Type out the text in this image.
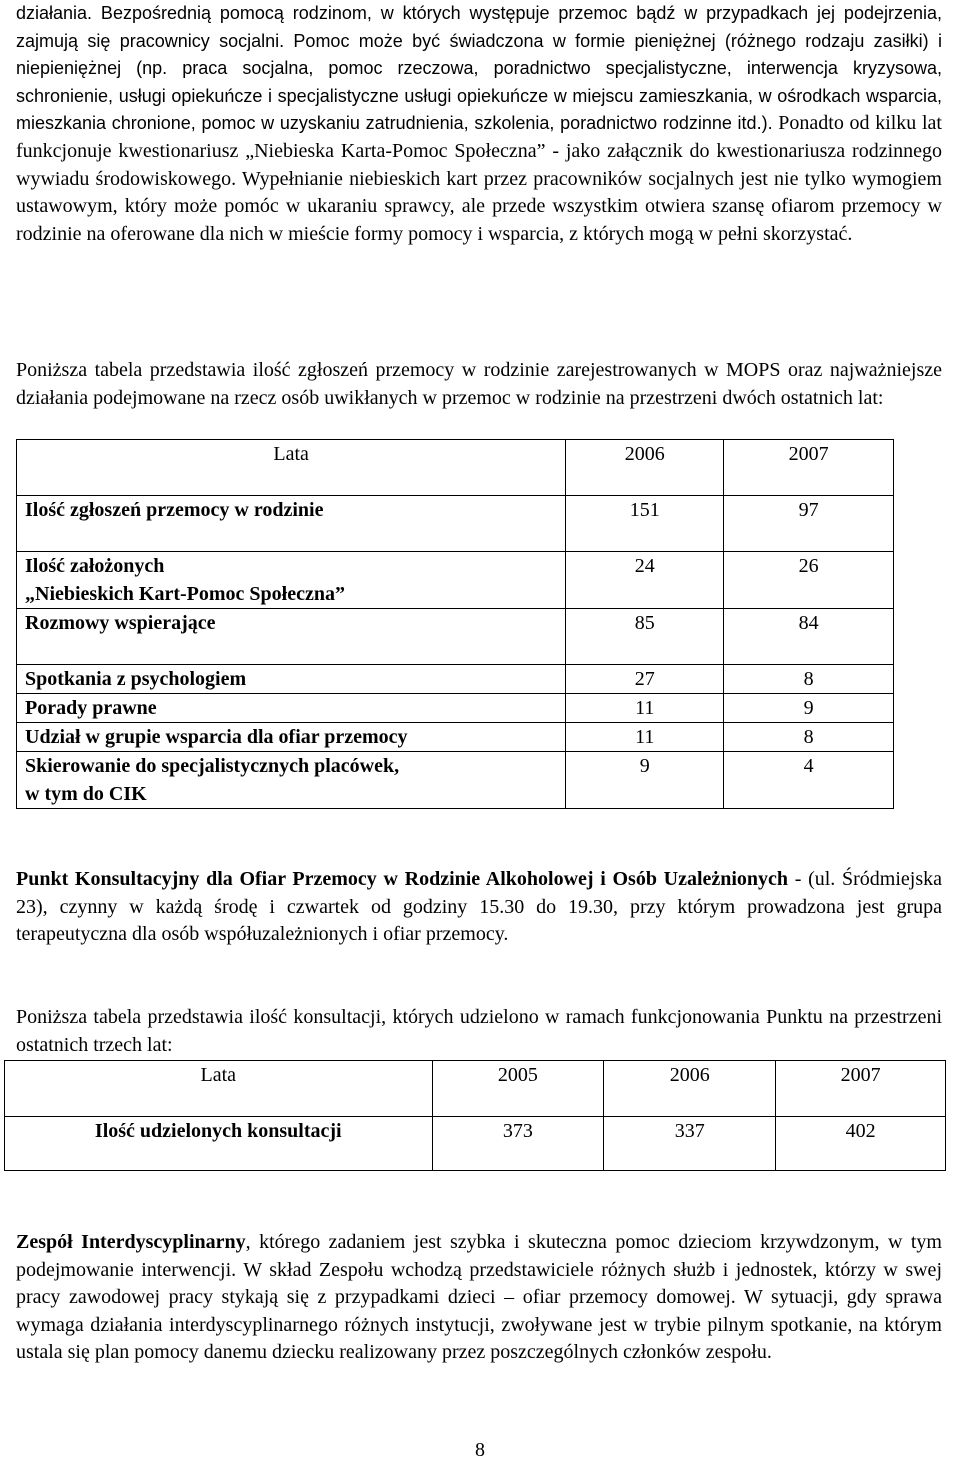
działania. Bezpośrednią pomocą rodzinom, w których występuje przemoc bądź w przypadkach jej podejrzenia, zajmują się pracownicy socjalni. Pomoc może być świadczona w formie pieniężnej (różnego rodzaju zasiłki) i niepieniężnej (np. praca socjalna, pomoc rzeczowa, poradnictwo specjalistyczne, interwencja kryzysowa, schronienie, usługi opiekuńcze i specjalistyczne usługi opiekuńcze w miejscu zamieszkania, w ośrodkach wsparcia, mieszkania chronione, pomoc w uzyskaniu zatrudnienia, szkolenia, poradnictwo rodzinne itd.). Ponadto od kilku lat funkcjonuje kwestionariusz „Niebieska Karta-Pomoc Społeczna” - jako załącznik do kwestionariusza rodzinnego wywiadu środowiskowego. Wypełnianie niebieskich kart przez pracowników socjalnych jest nie tylko wymogiem ustawowym, który może pomóc w ukaraniu sprawcy, ale przede wszystkim otwiera szansę ofiarom przemocy w rodzinie na oferowane dla nich w mieście formy pomocy i wsparcia, z których mogą w pełni skorzystać.

Poniższa tabela przedstawia ilość zgłoszeń przemocy w rodzinie zarejestrowanych w MOPS oraz najważniejsze działania podejmowane na rzecz osób uwikłanych w przemoc w rodzinie na przestrzeni dwóch ostatnich lat:

Lata	2006	2007
Ilość zgłoszeń przemocy w rodzinie	151	97
Ilość założonych
„Niebieskich Kart-Pomoc Społeczna”	24	26
Rozmowy wspierające	85	84
Spotkania z psychologiem	27	8
Porady prawne	11	9
Udział w grupie wsparcia dla ofiar przemocy	11	8
Skierowanie do specjalistycznych placówek,
w tym do CIK	9	4

Punkt Konsultacyjny dla Ofiar Przemocy w Rodzinie Alkoholowej i Osób Uzależnionych - (ul. Śródmiejska 23), czynny w każdą środę i czwartek od godziny 15.30 do 19.30, przy którym prowadzona jest grupa terapeutyczna dla osób współuzależnionych i ofiar przemocy.

Poniższa tabela przedstawia ilość konsultacji, których udzielono w ramach funkcjonowania Punktu na przestrzeni ostatnich trzech lat:

Lata	2005	2006	2007
Ilość udzielonych konsultacji	373	337	402

Zespół Interdyscyplinarny, którego zadaniem jest szybka i skuteczna pomoc dzieciom krzywdzonym, w tym podejmowanie interwencji. W skład Zespołu wchodzą przedstawiciele różnych służb i jednostek, którzy w swej pracy zawodowej pracy stykają się z przypadkami dzieci – ofiar przemocy domowej. W sytuacji, gdy sprawa wymaga działania interdyscyplinarnego różnych instytucji, zwoływane jest w trybie pilnym spotkanie, na którym ustala się plan pomocy danemu dziecku realizowany przez poszczególnych członków zespołu.

8
